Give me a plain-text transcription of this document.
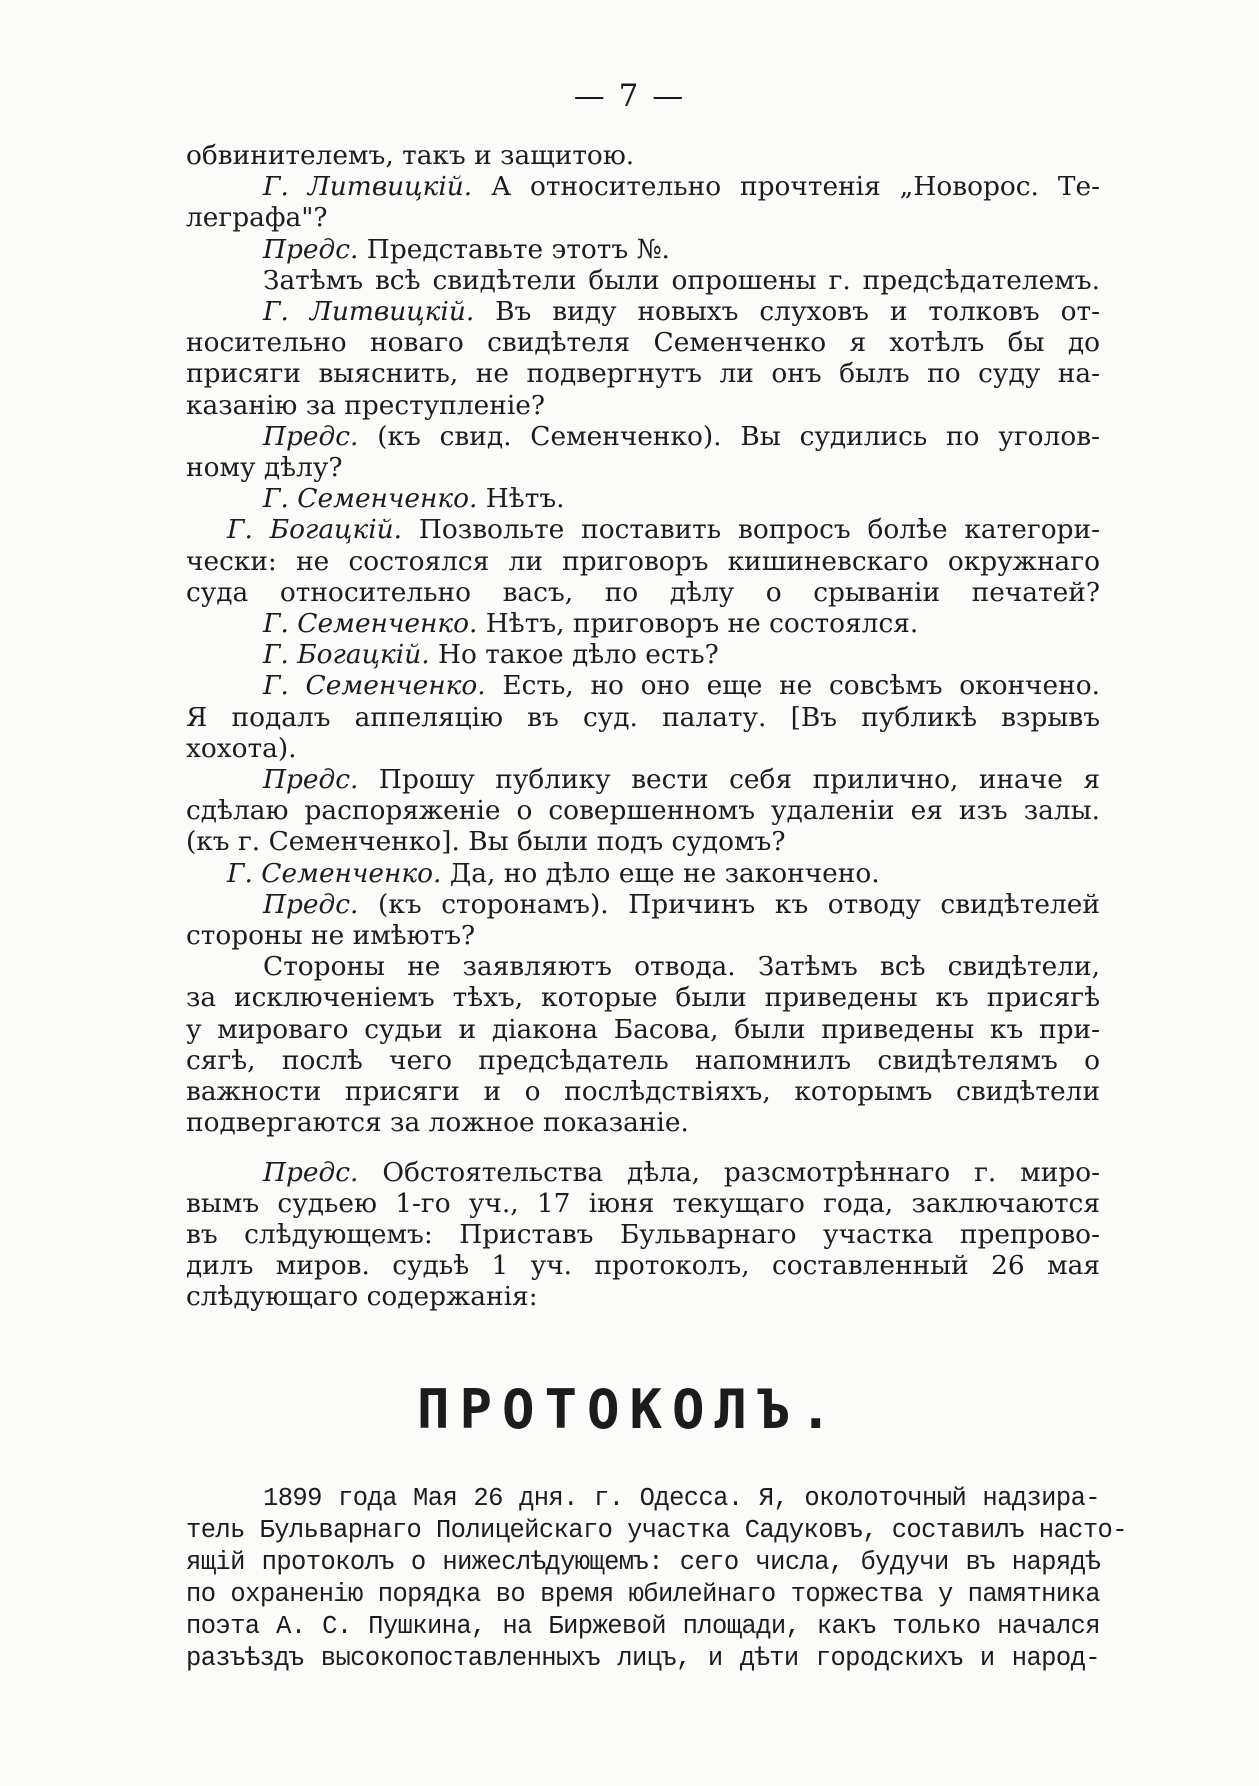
— 7 —
обвинителемъ, такъ и защитою.
Г. Литвицкій. А относительно прочтенія „Новорос. Те-
леграфа"?
Предс. Представьте этотъ №.
Затѣмъ всѣ свидѣтели были опрошены г. предсѣдателемъ.
Г. Литвицкій. Въ виду новыхъ слуховъ и толковъ от-
носительно новаго свидѣтеля Семенченко я хотѣлъ бы до
присяги выяснить, не подвергнутъ ли онъ былъ по суду на-
казанію за преступленіе?
Предс. (къ свид. Семенченко). Вы судились по уголов-
ному дѣлу?
Г. Семенченко. Нѣтъ.
Г. Богацкій. Позвольте поставить вопросъ болѣе категори-
чески: не состоялся ли приговоръ кишиневскаго окружнаго
суда относительно васъ, по дѣлу о срываніи печатей?
Г. Семенченко. Нѣтъ, приговоръ не состоялся.
Г. Богацкій. Но такое дѣло есть?
Г. Семенченко. Есть, но оно еще не совсѣмъ окончено.
Я подалъ аппеляцію въ суд. палату. [Въ публикѣ взрывъ
хохота).
Предс. Прошу публику вести себя прилично, иначе я
сдѣлаю распоряженіе о совершенномъ удаленіи ея изъ залы.
(къ г. Семенченко]. Вы были подъ судомъ?
Г. Семенченко. Да, но дѣло еще не закончено.
Предс. (къ сторонамъ). Причинъ къ отводу свидѣтелей
стороны не имѣютъ?
Стороны не заявляютъ отвода. Затѣмъ всѣ свидѣтели,
за исключеніемъ тѣхъ, которые были приведены къ присягѣ
у мироваго судьи и діакона Басова, были приведены къ при-
сягѣ, послѣ чего предсѣдатель напомнилъ свидѣтелямъ о
важности присяги и о послѣдствіяхъ, которымъ свидѣтели
подвергаются за ложное показаніе.
Предс. Обстоятельства дѣла, разсмотрѣннаго г. миро-
вымъ судьею 1-го уч., 17 іюня текущаго года, заключаются
въ слѣдующемъ: Приставъ Бульварнаго участка препрово-
дилъ миров. судьѣ 1 уч. протоколъ, составленный 26 мая
слѣдующаго содержанія:
ПРОТОКОЛЪ.
1899 года Мая 26 дня. г. Одесса. Я, околоточный надзира-
тель Бульварнаго Полицейскаго участка Садуковъ, составилъ насто-
ящій протоколъ о нижеслѣдующемъ: сего числа, будучи въ нарядѣ
по охраненію порядка во время юбилейнаго торжества у памятника
поэта А. С. Пушкина, на Биржевой площади, какъ только начался
разъѣздъ высокопоставленныхъ лицъ, и дѣти городскихъ и народ-
